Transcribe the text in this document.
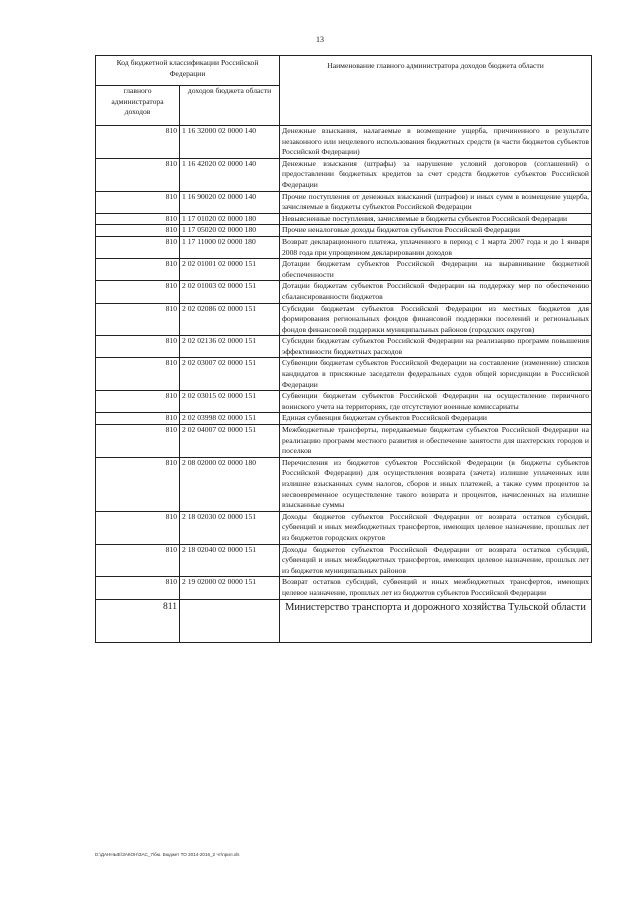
13
Код бюджетной классификации Российской Федерации		Наименование главного администратора доходов бюджета области
главного администратора доходов	доходов бюджета области	
810	1 16 32000 02 0000 140	Денежные взыскания, налагаемые в возмещение ущерба, причиненного в результате незаконного или нецелевого использования бюджетных средств (в части бюджетов субъектов Российской Федерации)
810	1 16 42020 02 0000 140	Денежные взыскания (штрафы) за нарушение условий договоров (соглашений) о предоставлении бюджетных кредитов за счет средств бюджетов субъектов Российской Федерации
810	1 16 90020 02 0000 140	Прочие поступления от денежных взысканий (штрафов) и иных сумм в возмещение ущерба, зачисляемые в бюджеты субъектов Российской Федерации
810	1 17 01020 02 0000 180	Невыясненные поступления, зачисляемые в бюджеты субъектов Российской Федерации
810	1 17 05020 02 0000 180	Прочие неналоговые доходы бюджетов субъектов Российской Федерации
810	1 17 11000 02 0000 180	Возврат декларационного платежа, уплаченного в период с 1 марта 2007 года и до 1 января 2008 года при упрощенном декларировании доходов
810	2 02 01001 02 0000 151	Дотации бюджетам субъектов Российской Федерации на выравнивание бюджетной обеспеченности
810	2 02 01003 02 0000 151	Дотации бюджетам субъектов Российской Федерации на поддержку мер по обеспечению сбалансированности бюджетов
810	2 02 02086 02 0000 151	Субсидии бюджетам субъектов Российской Федерации из местных бюджетов для формирования региональных фондов финансовой поддержки поселений и региональных фондов финансовой поддержки муниципальных районов (городских округов)
810	2 02 02136 02 0000 151	Субсидии бюджетам субъектов Российской Федерации на реализацию программ повышения эффективности бюджетных расходов
810	2 02 03007 02 0000 151	Субвенции бюджетам субъектов Российской Федерации на составление (изменение) списков кандидатов в присяжные заседатели федеральных судов общей юрисдикции в Российской Федерации
810	2 02 03015 02 0000 151	Субвенции бюджетам субъектов Российской Федерации на осуществление первичного воинского учета на территориях, где отсутствуют военные комиссариаты
810	2 02 03998 02 0000 151	Единая субвенция бюджетам субъектов Российской Федерации
810	2 02 04007 02 0000 151	Межбюджетные трансферты, передаваемые бюджетам субъектов Российской Федерации на реализацию программ местного развития и обеспечение занятости для шахтерских городов и поселков
810	2 08 02000 02 0000 180	Перечисления из бюджетов субъектов Российской Федерации (в бюджеты субъектов Российской Федерации) для осуществления возврата (зачета) излишне уплаченных или излишне взысканных сумм налогов, сборов и иных платежей, а также сумм процентов за несвоевременное осуществление такого возврата и процентов, начисленных на излишне взысканные суммы
810	2 18 02030 02 0000 151	Доходы бюджетов субъектов Российской Федерации от возврата остатков субсидий, субвенций и иных межбюджетных трансфертов, имеющих целевое назначение, прошлых лет из бюджетов городских округов
810	2 18 02040 02 0000 151	Доходы бюджетов субъектов Российской Федерации от возврата остатков субсидий, субвенций и иных межбюджетных трансфертов, имеющих целевое назначение, прошлых лет из бюджетов муниципальных районов
810	2 19 02000 02 0000 151	Возврат остатков субсидий, субвенций и иных межбюджетных трансфертов, имеющих целевое назначение, прошлых лет из бюджетов субъектов Российской Федерации
811		Министерство транспорта и дорожного хозяйства Тульской области
D:\ДАННЫЕ\ЗАКОН\ЗАС_7\бю. Бюджет ТО 2014-2016_2 чт\прил.xls
